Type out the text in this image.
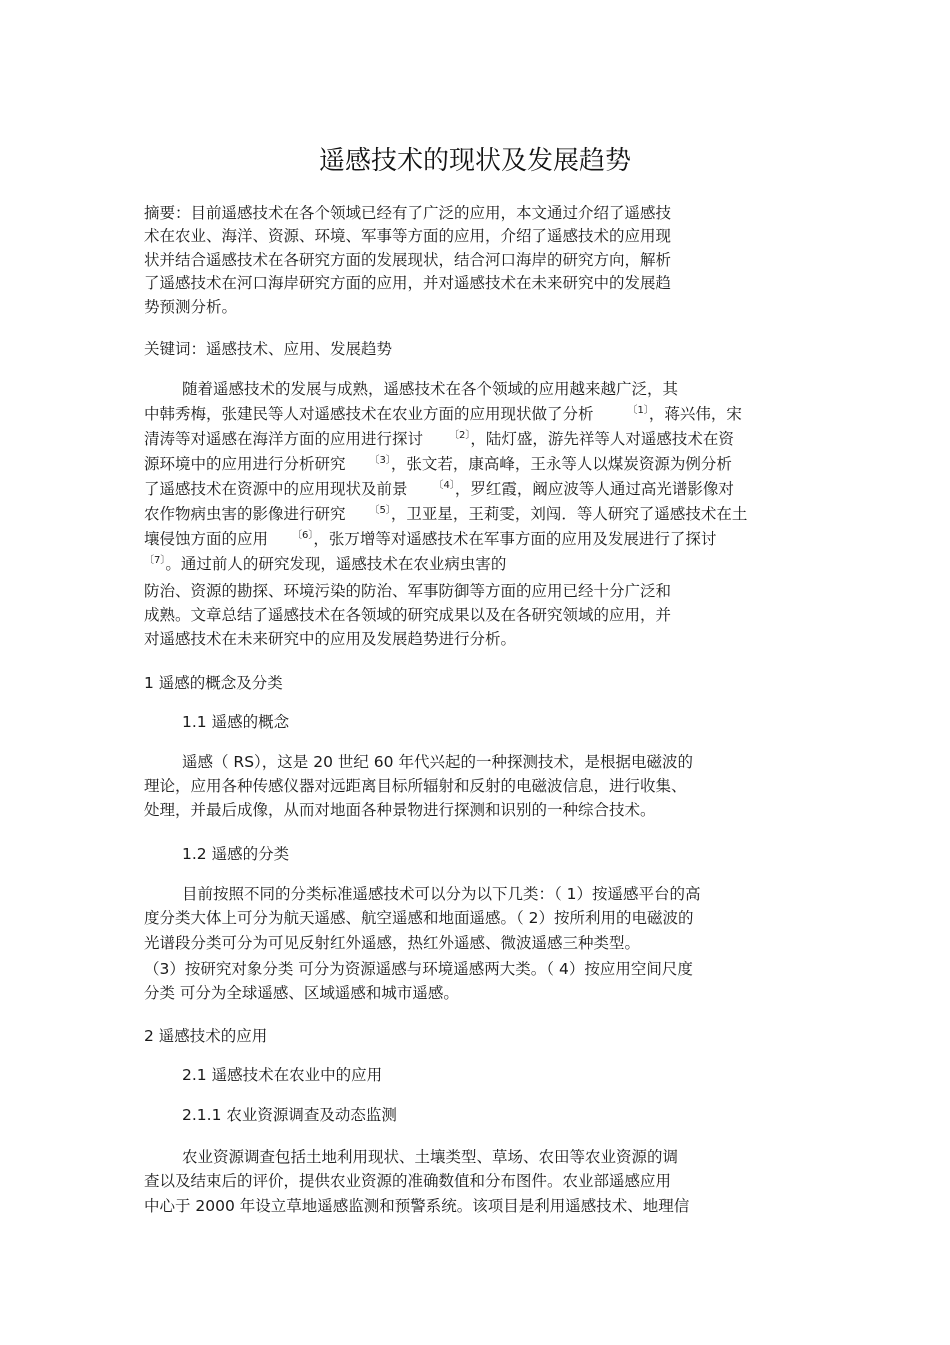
遥感技术的现状及发展趋势
摘要：目前遥感技术在各个领域已经有了广泛的应用，本文通过介绍了遥感技
术在农业、海洋、资源、环境、军事等方面的应用，介绍了遥感技术的应用现
状并结合遥感技术在各研究方面的发展现状，结合河口海岸的研究方向，解析
了遥感技术在河口海岸研究方面的应用，并对遥感技术在未来研究中的发展趋
势预测分析。
关键词：遥感技术、应用、发展趋势
随着遥感技术的发展与成熟，遥感技术在各个领域的应用越来越广泛，其
中韩秀梅，张建民等人对遥感技术在农业方面的应用现状做了分析	$^{〔1〕}$，蒋兴伟，宋
清涛等对遥感在海洋方面的应用进行探讨	$^{〔2〕}$，陆灯盛，游先祥等人对遥感技术在资
源环境中的应用进行分析研究 $^{〔3〕}$，张文若，康高峰，王永等人以煤炭资源为例分析
了遥感技术在资源中的应用现状及前景	$^{〔4〕}$，罗红霞，阚应波等人通过高光谱影像对
农作物病虫害的影像进行研究 $^{〔5〕}$，卫亚星，王莉雯，刘闯．等人研究了遥感技术在土
壤侵蚀方面的应用 $^{〔6〕}$，张万增等对遥感技术在军事方面的应用及发展进行了探讨
$^{〔7〕}$。通过前人的研究发现，遥感技术在农业病虫害的
防治、资源的勘探、环境污染的防治、军事防御等方面的应用已经十分广泛和
成熟。文章总结了遥感技术在各领域的研究成果以及在各研究领域的应用，并
对遥感技术在未来研究中的应用及发展趋势进行分析。
1 遥感的概念及分类
1.1 遥感的概念
遥感（ RS），这是 20 世纪 60 年代兴起的一种探测技术，是根据电磁波的
理论，应用各种传感仪器对远距离目标所辐射和反射的电磁波信息，进行收集、
处理，并最后成像，从而对地面各种景物进行探测和识别的一种综合技术。
1.2 遥感的分类
目前按照不同的分类标准遥感技术可以分为以下几类：（ 1）按遥感平台的高
度分类大体上可分为航天遥感、航空遥感和地面遥感。（ 2）按所利用的电磁波的
光谱段分类可分为可见反射红外遥感，热红外遥感、微波遥感三种类型。
（3）按研究对象分类 可分为资源遥感与环境遥感两大类。（ 4）按应用空间尺度
分类 可分为全球遥感、区域遥感和城市遥感。
2 遥感技术的应用
2.1 遥感技术在农业中的应用
2.1.1 农业资源调查及动态监测
农业资源调查包括土地利用现状、土壤类型、草场、农田等农业资源的调
查以及结束后的评价，提供农业资源的准确数值和分布图件。农业部遥感应用
中心于 2000 年设立草地遥感监测和预警系统。该项目是利用遥感技术、地理信
